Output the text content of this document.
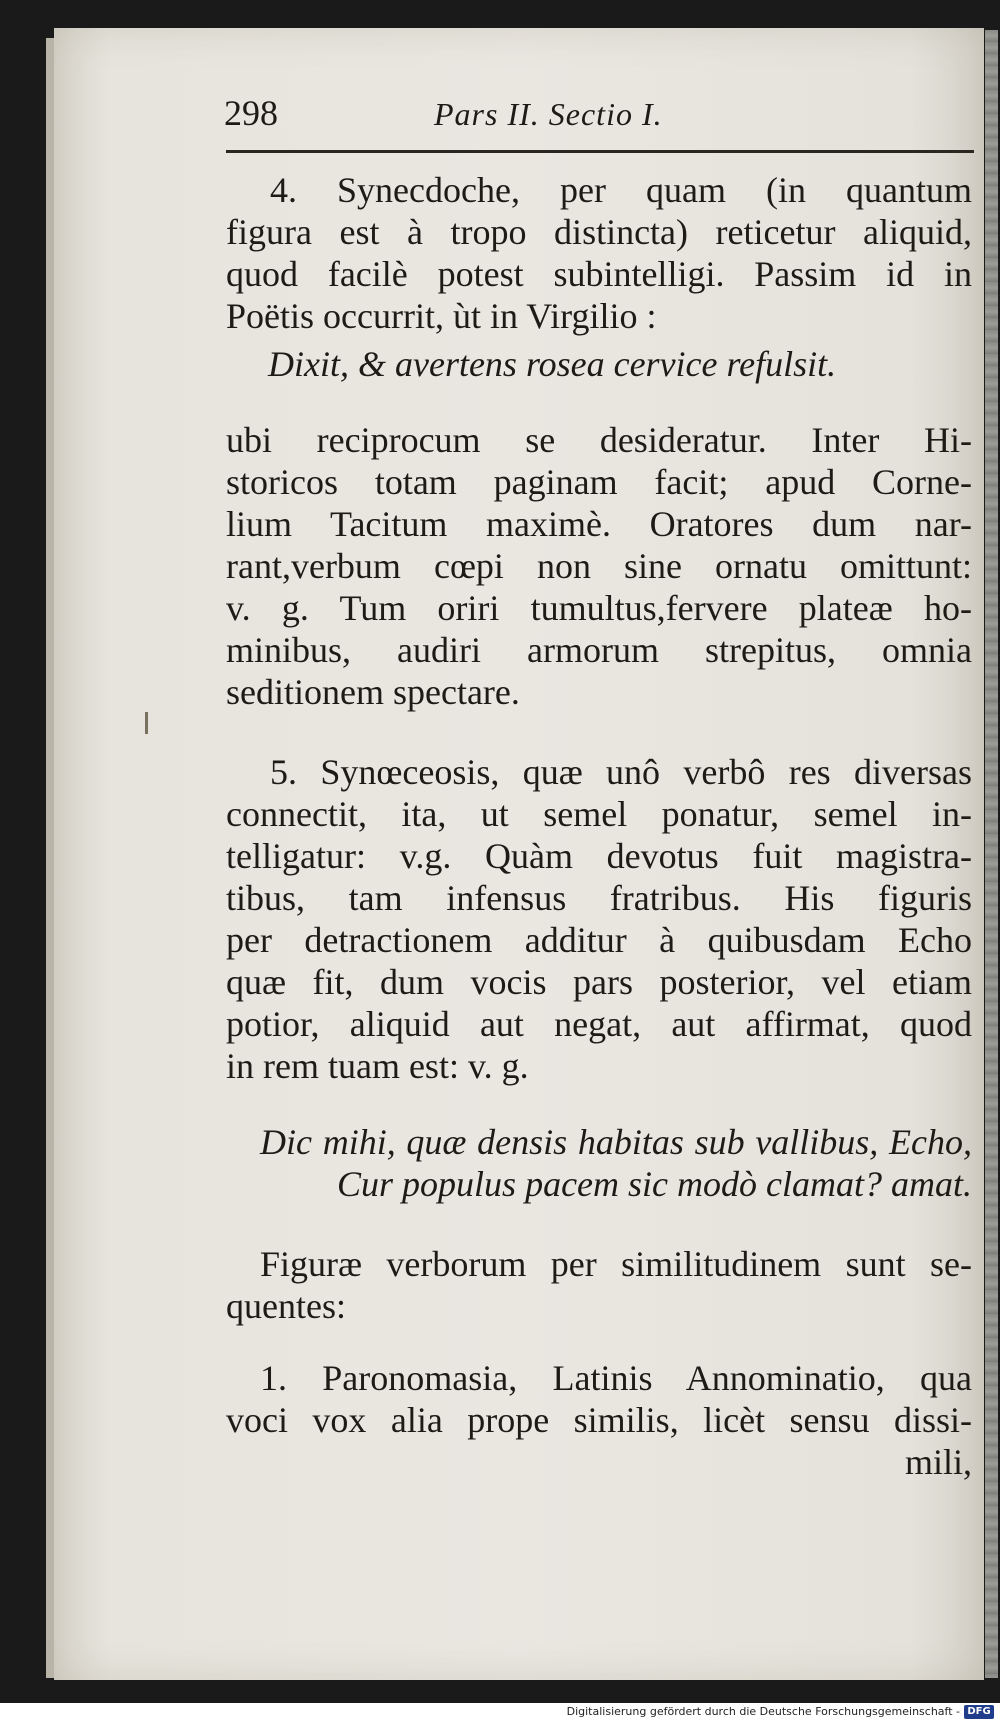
298	Pars II. Sectio I.
4. Synecdoche, per quam (in quantum
figura est à tropo distincta) reticetur aliquid,
quod facilè potest subintelligi. Passim id in
Poëtis occurrit, ùt in Virgilio :
Dixit, & avertens rosea cervice refulsit.
ubi reciprocum se desideratur. Inter Hi-
storicos totam paginam facit; apud Corne-
lium Tacitum maximè. Oratores dum nar-
rant,verbum cœpi non sine ornatu omittunt:
v. g. Tum oriri tumultus,fervere plateæ ho-
minibus, audiri armorum strepitus, omnia
seditionem spectare.
5. Synœceosis, quæ unô verbô res diversas
connectit, ita, ut semel ponatur, semel in-
telligatur: v.g. Quàm devotus fuit magistra-
tibus, tam infensus fratribus. His figuris
per detractionem additur à quibusdam Echo
quæ fit, dum vocis pars posterior, vel etiam
potior, aliquid aut negat, aut affirmat, quod
in rem tuam est: v. g.
Dic mihi, quæ densis habitas sub vallibus, Echo,
Cur populus pacem sic modò clamat? amat.
Figuræ verborum per similitudinem sunt se-
quentes:
1. Paronomasia, Latinis Annominatio, qua
voci vox alia prope similis, licèt sensu dissi-
mili,
Digitalisierung gefördert durch die Deutsche Forschungsgemeinschaft - DFG
